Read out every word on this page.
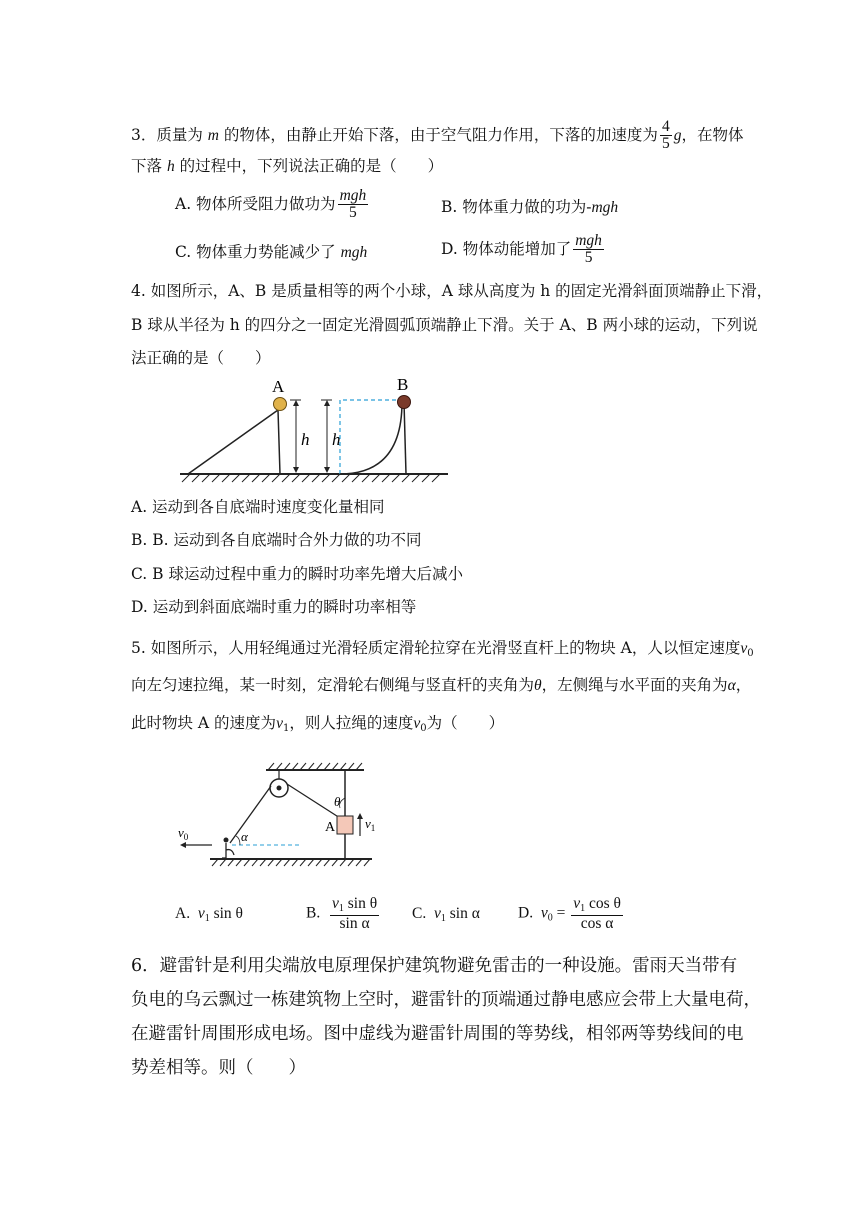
3．质量为 m 的物体，由静止开始下落，由于空气阻力作用，下落的加速度为 $\frac{4}{5}$ g，在物体
下落 h 的过程中，下列说法正确的是（　　）
A. 物体所受阻力做功为 $\frac{\text{mgh}}{5}$	B. 物体重力做的功为-mgh
C. 物体重力势能减少了 mgh	D. 物体动能增加了 $\frac{\text{mgh}}{5}$
4. 如图所示，A、B 是质量相等的两个小球，A 球从高度为 h 的固定光滑斜面顶端静止下滑，
B 球从半径为 h 的四分之一固定光滑圆弧顶端静止下滑。关于 A、B 两小球的运动，下列说
法正确的是（　　）
A
h h
B
A. 运动到各自底端时速度变化量相同
B. B. 运动到各自底端时合外力做的功不同
C. B 球运动过程中重力的瞬时功率先增大后减小
D. 运动到斜面底端时重力的瞬时功率相等
5. 如图所示，人用轻绳通过光滑轻质定滑轮拉穿在光滑竖直杆上的物块 A，人以恒定速度$v_0$
向左匀速拉绳，某一时刻，定滑轮右侧绳与竖直杆的夹角为θ，左侧绳与水平面的夹角为α，
此时物块 A 的速度为$v_1$，则人拉绳的速度$v_0$为（　　）
A
θ
$v_1$
α
$v_0$
A. $v_1$ sin θ	B. $\frac{v_1 \sin \theta}{\text{sin α}} C$. $v_1$ sin α D. $v_0 = \frac{v_1 \cos \theta}{\text{cos α}}$
6．避雷针是利用尖端放电原理保护建筑物避免雷击的一种设施。雷雨天当带有
负电的乌云飘过一栋建筑物上空时，避雷针的顶端通过静电感应会带上大量电荷，
在避雷针周围形成电场。图中虚线为避雷针周围的等势线，相邻两等势线间的电
势差相等。则（　　）
